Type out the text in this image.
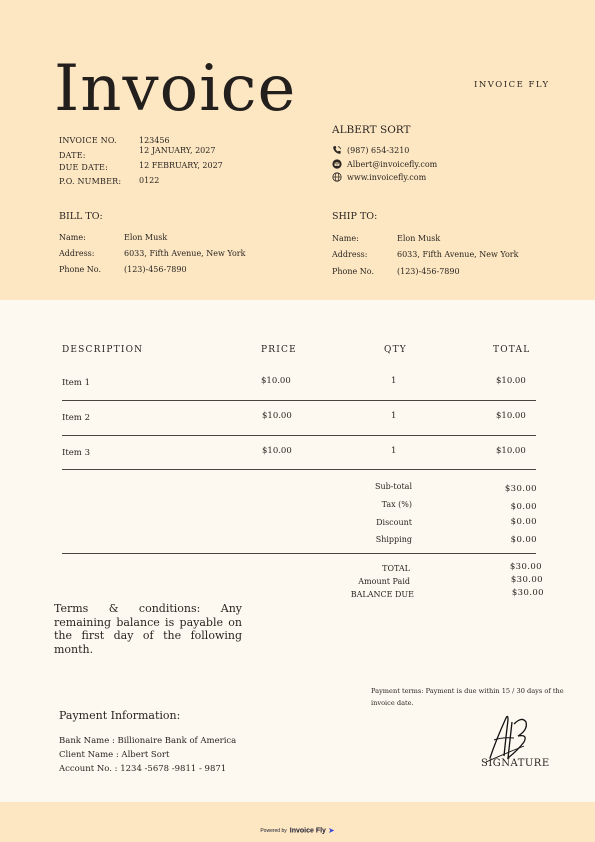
Invoice	INVOICE FLY
INVOICE NO.	123456
DATE:
12 JANUARY, 2027
DUE DATE:	12 FEBRUARY, 2027
P.O. NUMBER: 0122
ALBERT SORT
(987) 654-3210
Albert@invoicefly.com
www.invoicefly.com
BILL TO:
Name:	Elon Musk
Address:	6033, Fifth Avenue, New York
Phone No.	(123)-456-7890
SHIP TO:
Name:	Elon Musk
Address:	6033, Fifth Avenue, New York
Phone No.	(123)-456-7890
DESCRIPTION	PRICE	QTY	TOTAL
Item 1	$10.00	1	$10.00
Item 2	$10.00	1	$10.00
Item 3	$10.00	1	$10.00
Sub-total	$30.00
Tax (%)	$0.00
Discount	$0.00
Shipping	$0.00
TOTAL	$30.00
Amount Paid	$30.00
BALANCE DUE	$30.00
Terms & conditions: Any remaining balance is payable on the first day of the following month.
Payment terms: Payment is due within 15 / 30 days of the invoice date.
Payment Information:
Bank Name : Billionaire Bank of America
Client Name : Albert Sort
Account No. : 1234 -5678 -9811 - 9871	SIGNATURE
Powered by Invoice Fly ➤
